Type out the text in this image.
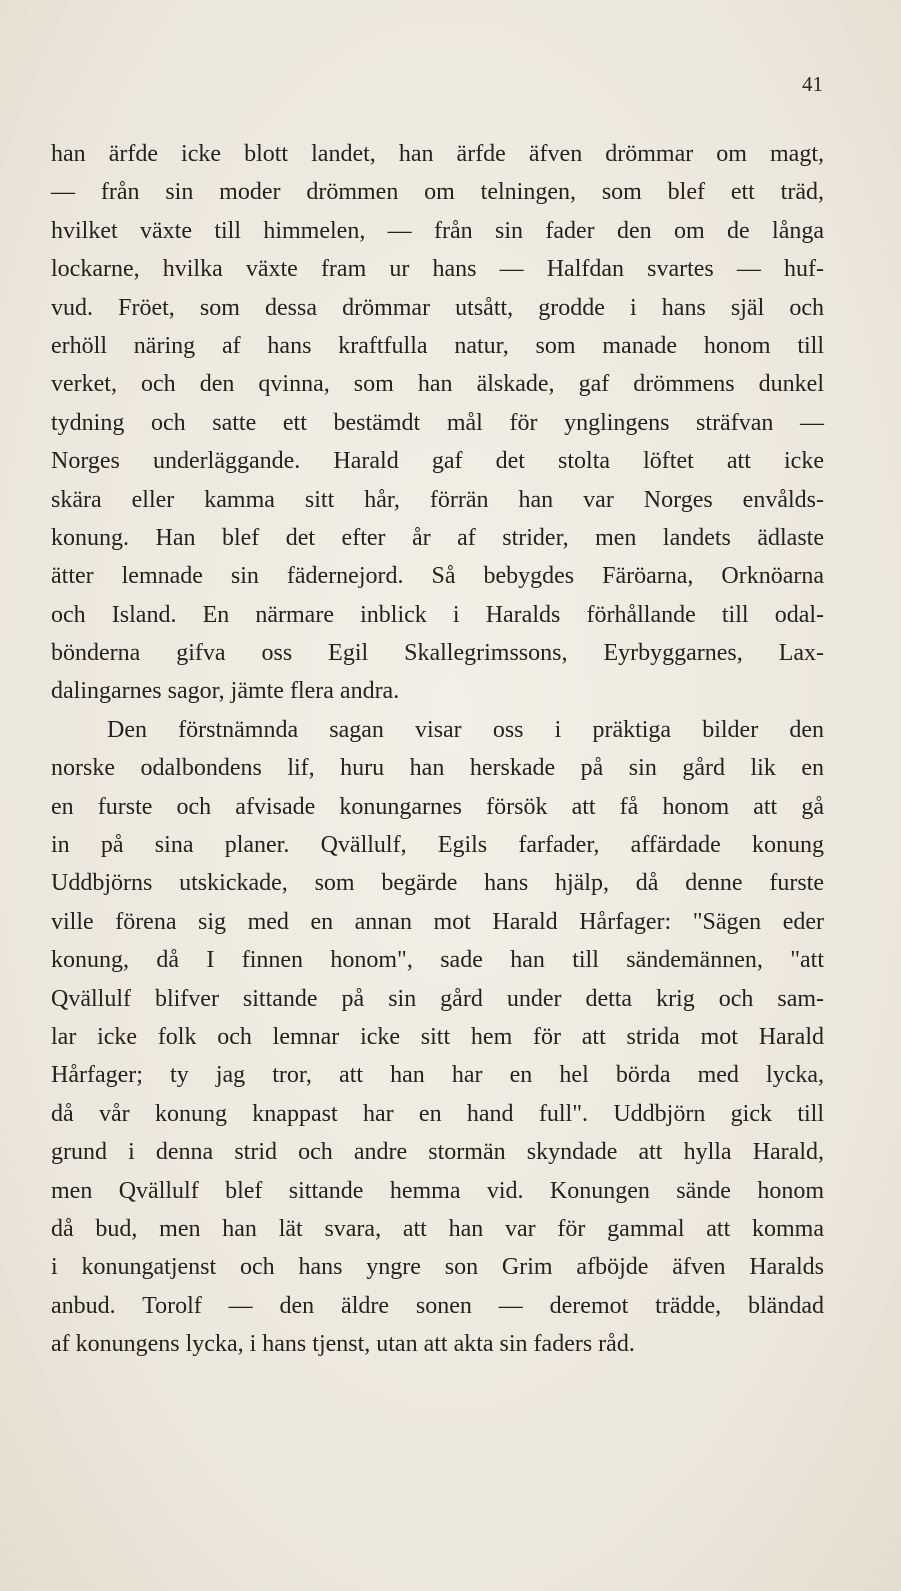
41
han ärfde icke blott landet, han ärfde äfven drömmar om magt,
— från sin moder drömmen om telningen, som blef ett träd,
hvilket växte till himmelen, — från sin fader den om de långa
lockarne, hvilka växte fram ur hans — Halfdan svartes — huf-
vud. Fröet, som dessa drömmar utsått, grodde i hans själ och
erhöll näring af hans kraftfulla natur, som manade honom till
verket, och den qvinna, som han älskade, gaf drömmens dunkel
tydning och satte ett bestämdt mål för ynglingens sträfvan —
Norges underläggande. Harald gaf det stolta löftet att icke
skära eller kamma sitt hår, förrän han var Norges envålds-
konung. Han blef det efter år af strider, men landets ädlaste
ätter lemnade sin fädernejord. Så bebygdes Färöarna, Orknöarna
och Island. En närmare inblick i Haralds förhållande till odal-
bönderna gifva oss Egil Skallegrimssons, Eyrbyggarnes, Lax-
dalingarnes sagor, jämte flera andra.
Den förstnämnda sagan visar oss i präktiga bilder den
norske odalbondens lif, huru han herskade på sin gård lik en
en furste och afvisade konungarnes försök att få honom att gå
in på sina planer. Qvällulf, Egils farfader, affärdade konung
Uddbjörns utskickade, som begärde hans hjälp, då denne furste
ville förena sig med en annan mot Harald Hårfager: "Sägen eder
konung, då I finnen honom", sade han till sändemännen, "att
Qvällulf blifver sittande på sin gård under detta krig och sam-
lar icke folk och lemnar icke sitt hem för att strida mot Harald
Hårfager; ty jag tror, att han har en hel börda med lycka,
då vår konung knappast har en hand full". Uddbjörn gick till
grund i denna strid och andre stormän skyndade att hylla Harald,
men Qvällulf blef sittande hemma vid. Konungen sände honom
då bud, men han lät svara, att han var för gammal att komma
i konungatjenst och hans yngre son Grim afböjde äfven Haralds
anbud. Torolf — den äldre sonen — deremot trädde, bländad
af konungens lycka, i hans tjenst, utan att akta sin faders råd.
